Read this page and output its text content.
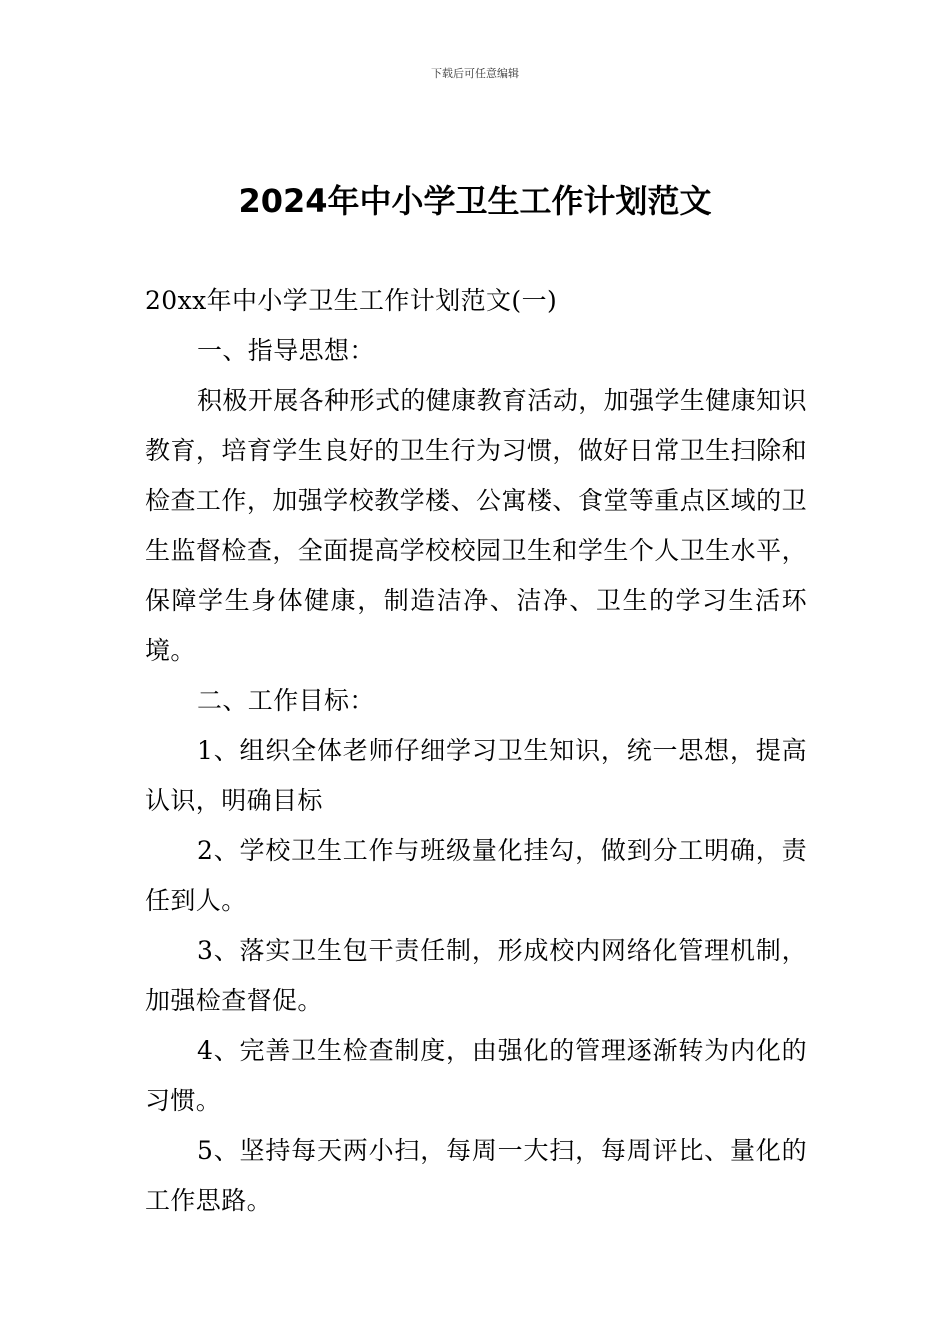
下载后可任意编辑
2024年中小学卫生工作计划范文

20xx年中小学卫生工作计划范文(一)

一、指导思想：

积极开展各种形式的健康教育活动，加强学生健康知识教育，培育学生良好的卫生行为习惯，做好日常卫生扫除和检查工作，加强学校教学楼、公寓楼、食堂等重点区域的卫生监督检查，全面提高学校校园卫生和学生个人卫生水平，保障学生身体健康，制造洁净、洁净、卫生的学习生活环境。

二、工作目标：

1、组织全体老师仔细学习卫生知识，统一思想，提高认识，明确目标

2、学校卫生工作与班级量化挂勾，做到分工明确，责任到人。

3、落实卫生包干责任制，形成校内网络化管理机制，加强检查督促。

4、完善卫生检查制度，由强化的管理逐渐转为内化的习惯。

5、坚持每天两小扫，每周一大扫，每周评比、量化的工作思路。
